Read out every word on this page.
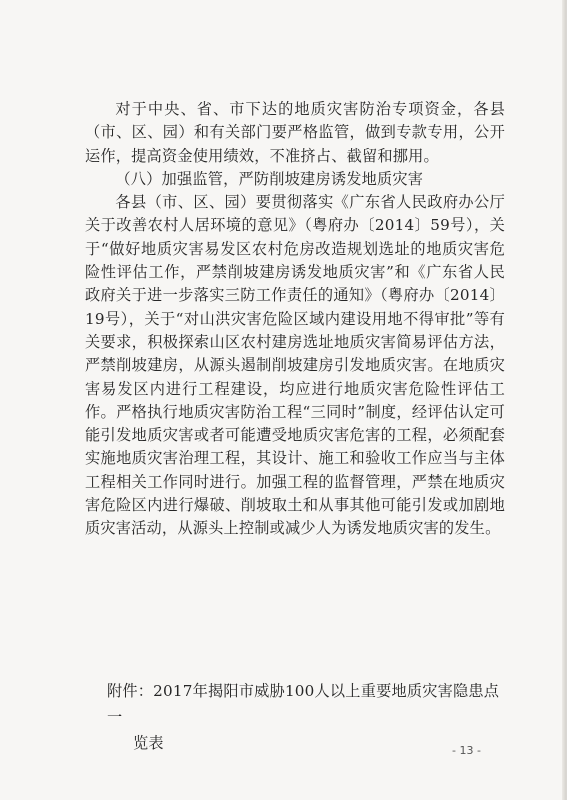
对于中央、省、市下达的地质灾害防治专项资金，各县（市、区、园）和有关部门要严格监管，做到专款专用，公开运作，提高资金使用绩效，不准挤占、截留和挪用。

（八）加强监管，严防削坡建房诱发地质灾害

各县（市、区、园）要贯彻落实《广东省人民政府办公厅关于改善农村人居环境的意见》（粤府办〔2014〕59号），关于“做好地质灾害易发区农村危房改造规划选址的地质灾害危险性评估工作，严禁削坡建房诱发地质灾害”和《广东省人民政府关于进一步落实三防工作责任的通知》（粤府办〔2014〕19号），关于“对山洪灾害危险区域内建设用地不得审批”等有关要求，积极探索山区农村建房选址地质灾害简易评估方法，严禁削坡建房，从源头遏制削坡建房引发地质灾害。在地质灾害易发区内进行工程建设，均应进行地质灾害危险性评估工作。严格执行地质灾害防治工程“三同时”制度，经评估认定可能引发地质灾害或者可能遭受地质灾害危害的工程，必须配套实施地质灾害治理工程，其设计、施工和验收工作应当与主体工程相关工作同时进行。加强工程的监督管理，严禁在地质灾害危险区内进行爆破、削坡取土和从事其他可能引发或加剧地质灾害活动，从源头上控制或减少人为诱发地质灾害的发生。

附件：2017年揭阳市威胁100人以上重要地质灾害隐患点一
览表	- 13 -
